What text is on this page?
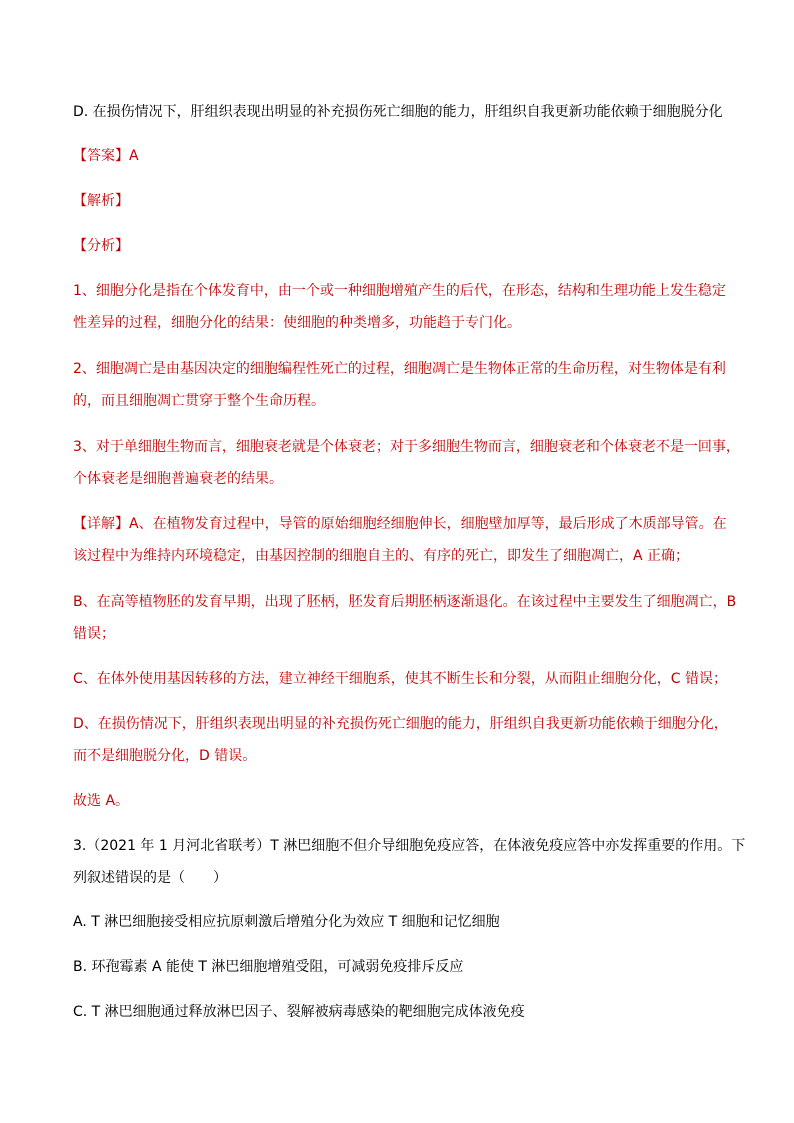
D. 在损伤情况下，肝组织表现出明显的补充损伤死亡细胞的能力，肝组织自我更新功能依赖于细胞脱分化
【答案】A
【解析】
【分析】
1、细胞分化是指在个体发育中，由一个或一种细胞增殖产生的后代，在形态，结构和生理功能上发生稳定
性差异的过程，细胞分化的结果：使细胞的种类增多，功能趋于专门化。
2、细胞凋亡是由基因决定的细胞编程性死亡的过程，细胞凋亡是生物体正常的生命历程，对生物体是有利
的，而且细胞凋亡贯穿于整个生命历程。
3、对于单细胞生物而言，细胞衰老就是个体衰老；对于多细胞生物而言，细胞衰老和个体衰老不是一回事，
个体衰老是细胞普遍衰老的结果。
【详解】A、在植物发育过程中，导管的原始细胞经细胞伸长，细胞壁加厚等，最后形成了木质部导管。在
该过程中为维持内环境稳定，由基因控制的细胞自主的、有序的死亡，即发生了细胞凋亡，A 正确；
B、在高等植物胚的发育早期，出现了胚柄，胚发育后期胚柄逐渐退化。在该过程中主要发生了细胞凋亡，B
错误；
C、在体外使用基因转移的方法，建立神经干细胞系，使其不断生长和分裂，从而阻止细胞分化，C 错误；
D、在损伤情况下，肝组织表现出明显的补充损伤死亡细胞的能力，肝组织自我更新功能依赖于细胞分化，
而不是细胞脱分化，D 错误。
故选 A。
3.（2021 年 1 月河北省联考）T 淋巴细胞不但介导细胞免疫应答，在体液免疫应答中亦发挥重要的作用。下
列叙述错误的是（　　）
A. T 淋巴细胞接受相应抗原刺激后增殖分化为效应 T 细胞和记忆细胞
B. 环孢霉素 A 能使 T 淋巴细胞增殖受阻，可减弱免疫排斥反应
C. T 淋巴细胞通过释放淋巴因子、裂解被病毒感染的靶细胞完成体液免疫
